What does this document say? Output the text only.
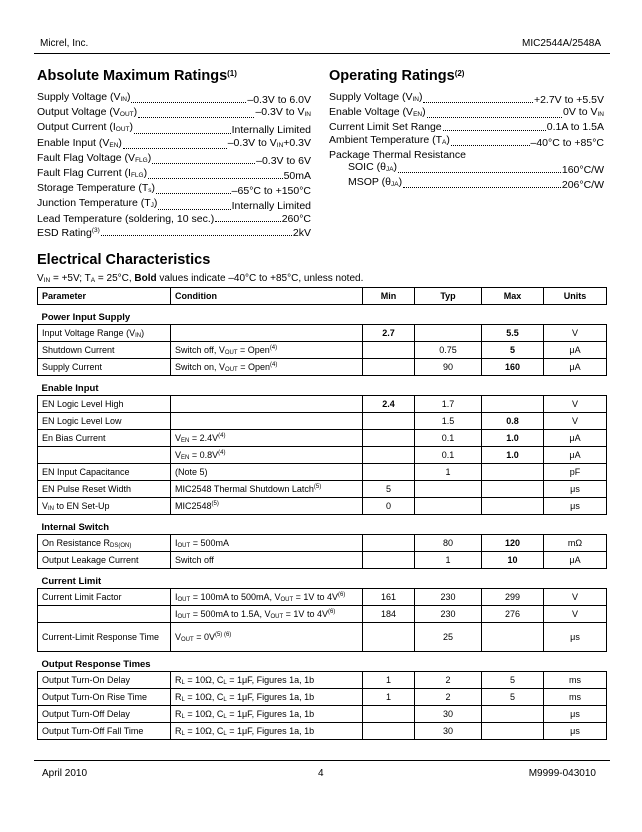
Micrel, Inc.	MIC2544A/2548A
Absolute Maximum Ratings$^{(1)}$
Supply Voltage $(V_{IN})$	–0.3V to 6.0V
Output Voltage $(V_{OUT})$	–0.3V to $V_{IN}$
Output Current $(I_{OUT})$	Internally Limited
Enable Input $(V_{EN})$	–0.3V to $V_{IN}+0.3V$
Fault Flag Voltage $(V_{FLG})$	–0.3V to 6V
Fault Flag Current $(I_{FLG})$	50mA
Storage Temperature $(T_s)$	–65°C to +150°C
Junction Temperature $(T_J)$	Internally Limited
Lead Temperature (soldering, 10 sec.)	260°C
ESD Rating$^{(3)}$	2kV
Operating Ratings$^{(2)}$
Supply Voltage $(V_{IN})$	+2.7V to +5.5V
Enable Voltage $(V_{EN})$	0V to $V_{IN}$
Current Limit Set Range	0.1A to 1.5A
Ambient Temperature $(T_A)$	–40°C to +85°C
Package Thermal Resistance
SOIC $(\theta_{JA})$	160°C/W
MSOP $(\theta_{JA})$	206°C/W
Electrical Characteristics
$V_{IN} = +5V$; $T_A = 25^\circ C$, Bold values indicate –40°C to +85°C, unless noted.
Parameter	Condition	Min	Typ	Max	Units
Power Input Supply					
Input Voltage Range $(V_{IN})$		2.7		5.5	V
Shutdown Current	Switch off, $V_{OUT}$ = Open$^{(4)}$		0.75	5	μA
Supply Current	Switch on, $V_{OUT}$ = Open$^{(4)}$		90	160	μA
Enable Input					
EN Logic Level High		2.4	1.7		V
EN Logic Level Low			1.5	0.8	V
En Bias Current	$V_{EN} = 2.4V^{(4)}$		0.1	1.0	μA
	$V_{EN} = 0.8V^{(4)}$		0.1	1.0	μA
EN Input Capacitance	(Note 5)		1		pF
EN Pulse Reset Width	MIC2548 Thermal Shutdown Latch$^{(5)}$	5			μs
$V_{IN}$ to EN Set-Up	MIC2548$^{(5)}$	0			μs
Internal Switch					
On Resistance $R_{DS(ON)}$	$I_{OUT} = 500mA$		80	120	mΩ
Output Leakage Current	Switch off		1	10	μA
Current Limit					
Current Limit Factor	$I_{OUT} = 100mA$ to 500mA, $V_{OUT} = 1V$ to $4V^{(6)}$	161	230	299	V
	$I_{OUT} = 500mA$ to 1.5A, $V_{OUT} = 1V$ to $4V^{(6)}$	184	230	276	V
Current-Limit Response Time	$V_{OUT} = 0V^{(5) (6)}$		25		μs
Output Response Times					
Output Turn-On Delay	$R_L = 10\Omega$, $C_L = 1\mu F$, Figures 1a, 1b	1	2	5	ms
Output Turn-On Rise Time	$R_L = 10\Omega$, $C_L = 1\mu F$, Figures 1a, 1b	1	2	5	ms
Output Turn-Off Delay	$R_L = 10\Omega$, $C_L = 1\mu F$, Figures 1a, 1b		30		μs
Output Turn-Off Fall Time	$R_L = 10\Omega$, $C_L = 1\mu F$, Figures 1a, 1b		30		μs
April 2010	4	M9999-043010
